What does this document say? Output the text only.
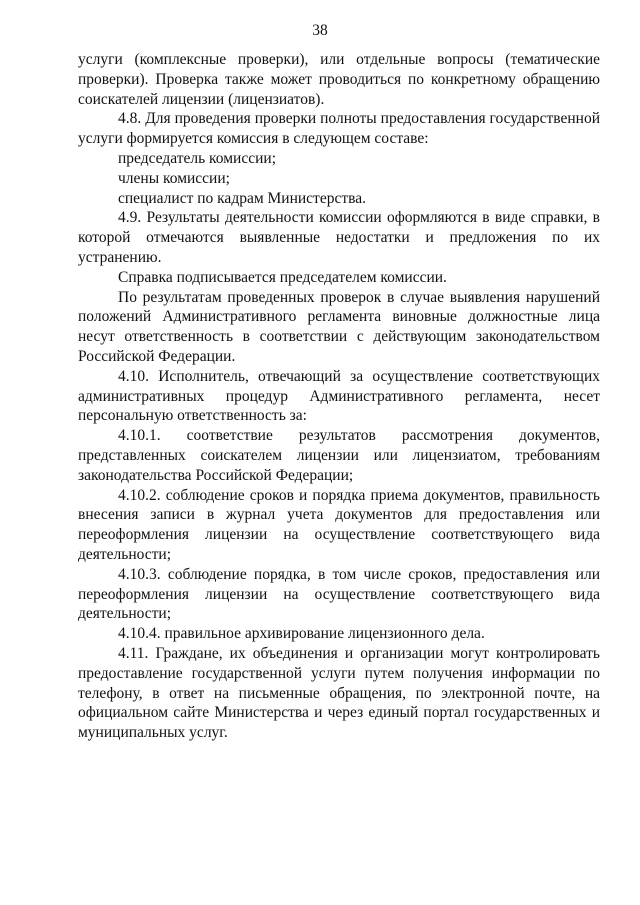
38

услуги (комплексные проверки), или отдельные вопросы (тематические проверки). Проверка также может проводиться по конкретному обращению соискателей лицензии (лицензиатов).

4.8. Для проведения проверки полноты предоставления государственной услуги формируется комиссия в следующем составе:

председатель комиссии;

члены комиссии;

специалист по кадрам Министерства.

4.9. Результаты деятельности комиссии оформляются в виде справки, в которой отмечаются выявленные недостатки и предложения по их устранению.

Справка подписывается председателем комиссии.

По результатам проведенных проверок в случае выявления нарушений положений Административного регламента виновные должностные лица несут ответственность в соответствии с действующим законодательством Российской Федерации.

4.10. Исполнитель, отвечающий за осуществление соответствующих административных процедур Административного регламента, несет персональную ответственность за:

4.10.1. соответствие результатов рассмотрения документов, представленных соискателем лицензии или лицензиатом, требованиям законодательства Российской Федерации;

4.10.2. соблюдение сроков и порядка приема документов, правильность внесения записи в журнал учета документов для предоставления или переоформления лицензии на осуществление соответствующего вида деятельности;

4.10.3. соблюдение порядка, в том числе сроков, предоставления или переоформления лицензии на осуществление соответствующего вида деятельности;

4.10.4. правильное архивирование лицензионного дела.

4.11. Граждане, их объединения и организации могут контролировать предоставление государственной услуги путем получения информации по телефону, в ответ на письменные обращения, по электронной почте, на официальном сайте Министерства и через единый портал государственных и муниципальных услуг.
